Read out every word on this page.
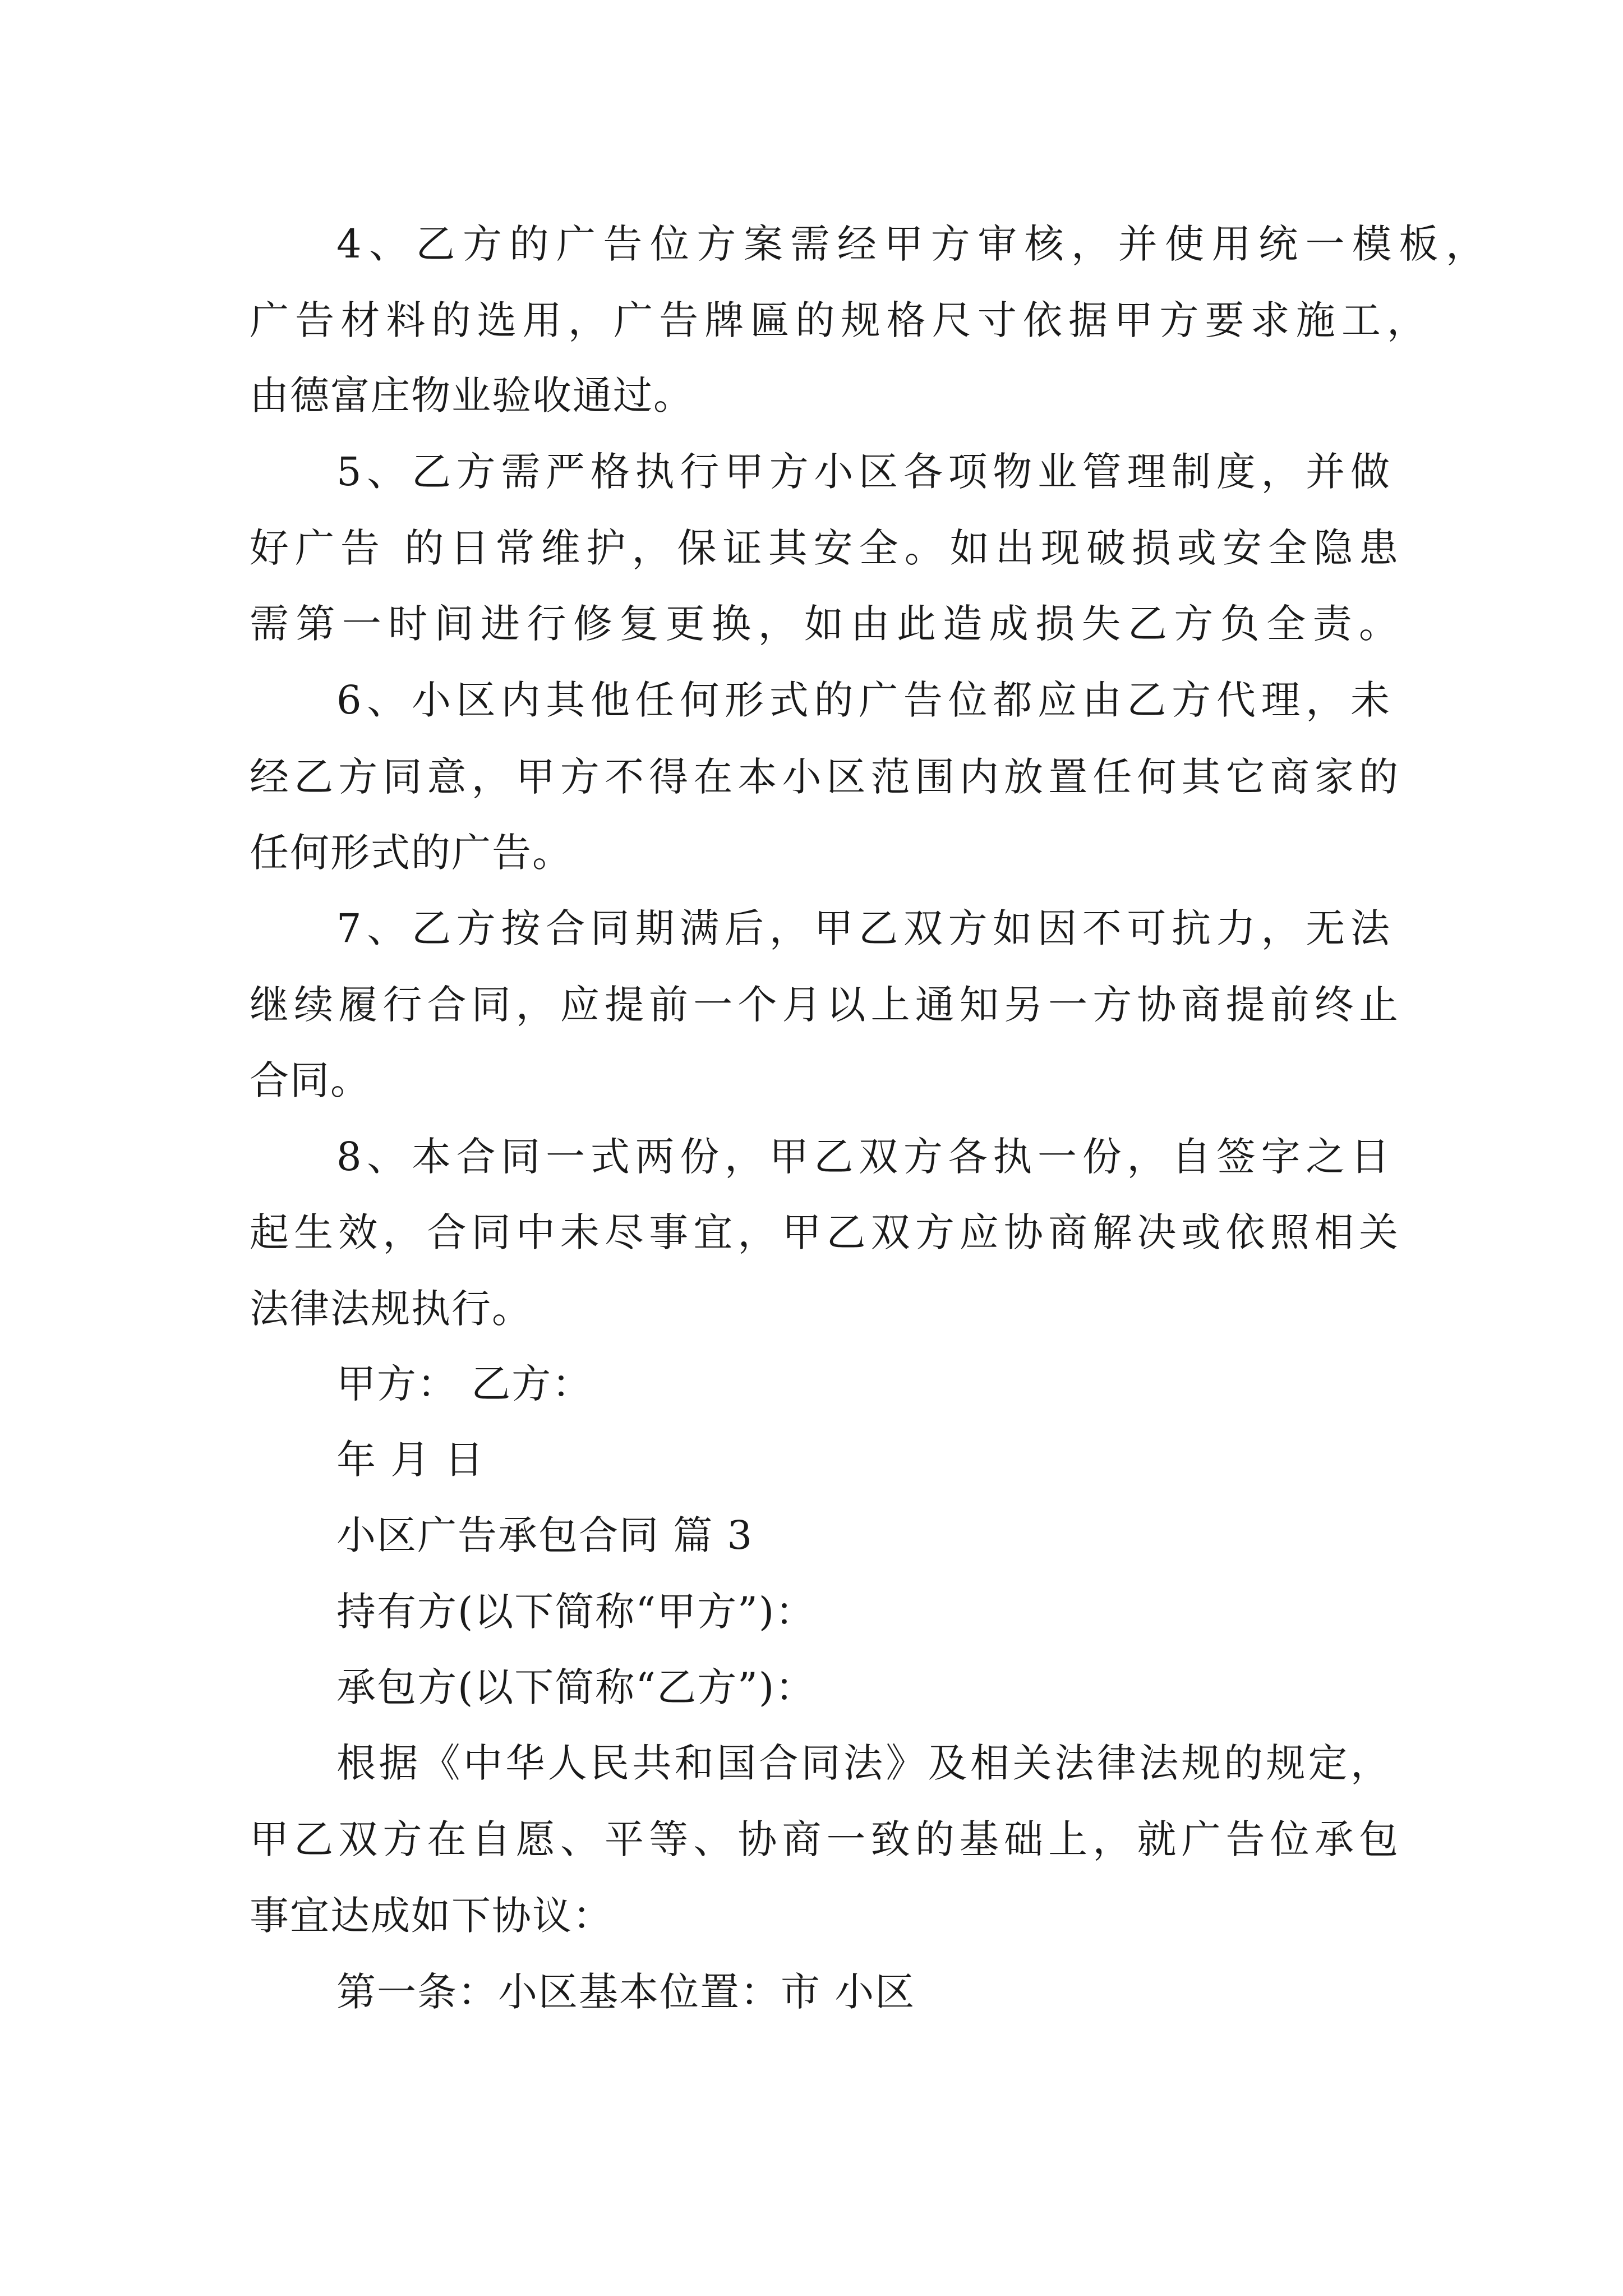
4、乙方的广告位方案需经甲方审核，并使用统一模板，
广告材料的选用，广告牌匾的规格尺寸依据甲方要求施工，
由德富庄物业验收通过。
5、乙方需严格执行甲方小区各项物业管理制度，并做
好广告 的日常维护，保证其安全。如出现破损或安全隐患
需第一时间进行修复更换，如由此造成损失乙方负全责。
6、小区内其他任何形式的广告位都应由乙方代理，未
经乙方同意，甲方不得在本小区范围内放置任何其它商家的
任何形式的广告。
7、乙方按合同期满后，甲乙双方如因不可抗力，无法
继续履行合同，应提前一个月以上通知另一方协商提前终止
合同。
8、本合同一式两份，甲乙双方各执一份，自签字之日
起生效，合同中未尽事宜，甲乙双方应协商解决或依照相关
法律法规执行。
甲方： 乙方：
年 月 日
小区广告承包合同 篇 3
持有方(以下简称“甲方”)：
承包方(以下简称“乙方”)：
根据《中华人民共和国合同法》及相关法律法规的规定，
甲乙双方在自愿、平等、协商一致的基础上，就广告位承包
事宜达成如下协议：
第一条：小区基本位置：市 小区
